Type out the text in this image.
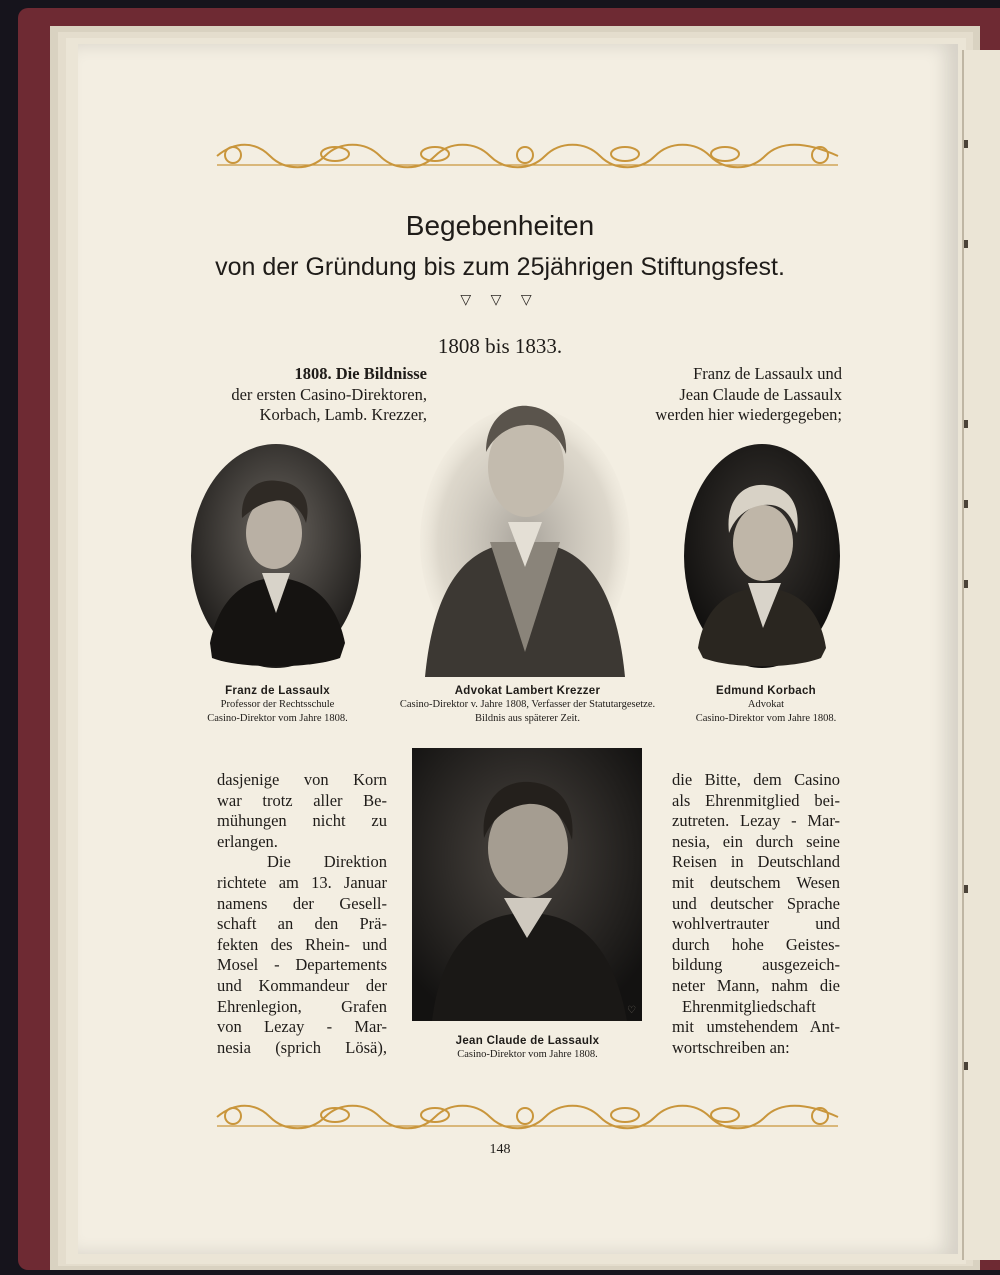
Begebenheiten
von der Gründung bis zum 25jährigen Stiftungsfest.
▽ ▽ ▽
1808 bis 1833.

1808. Die Bildnisse

der ersten Casino-Direktoren,

Korbach, Lamb. Krezzer,

Franz de Lassaulx und

Jean Claude de Lassaulx

werden hier wiedergegeben;

Franz de Lassaulx
Professor der Rechtsschule
Casino-Direktor vom Jahre 1808.
Advokat Lambert Krezzer
Casino-Direktor v. Jahre 1808, Verfasser der Statutargesetze.
Bildnis aus späterer Zeit.
Edmund Korbach
Advokat
Casino-Direktor vom Jahre 1808.

dasjenige von Korn

war trotz aller Be-

mühungen nicht zu

erlangen.

Die Direktion

richtete am 13. Januar

namens der Gesell-

schaft an den Prä-

fekten des Rhein- und

Mosel - Departements

und Kommandeur der

Ehrenlegion, Grafen

von Lezay - Mar-

nesia (sprich Lösä),

♡
Jean Claude de Lassaulx
Casino-Direktor vom Jahre 1808.

die Bitte, dem Casino

als Ehrenmitglied bei-

zutreten. Lezay - Mar-

nesia, ein durch seine

Reisen in Deutschland

mit deutschem Wesen

und deutscher Sprache

wohlvertrauter und

durch hohe Geistes-

bildung ausgezeich-

neter Mann, nahm die

Ehrenmitgliedschaft

mit umstehendem Ant-

wortschreiben an:

148
